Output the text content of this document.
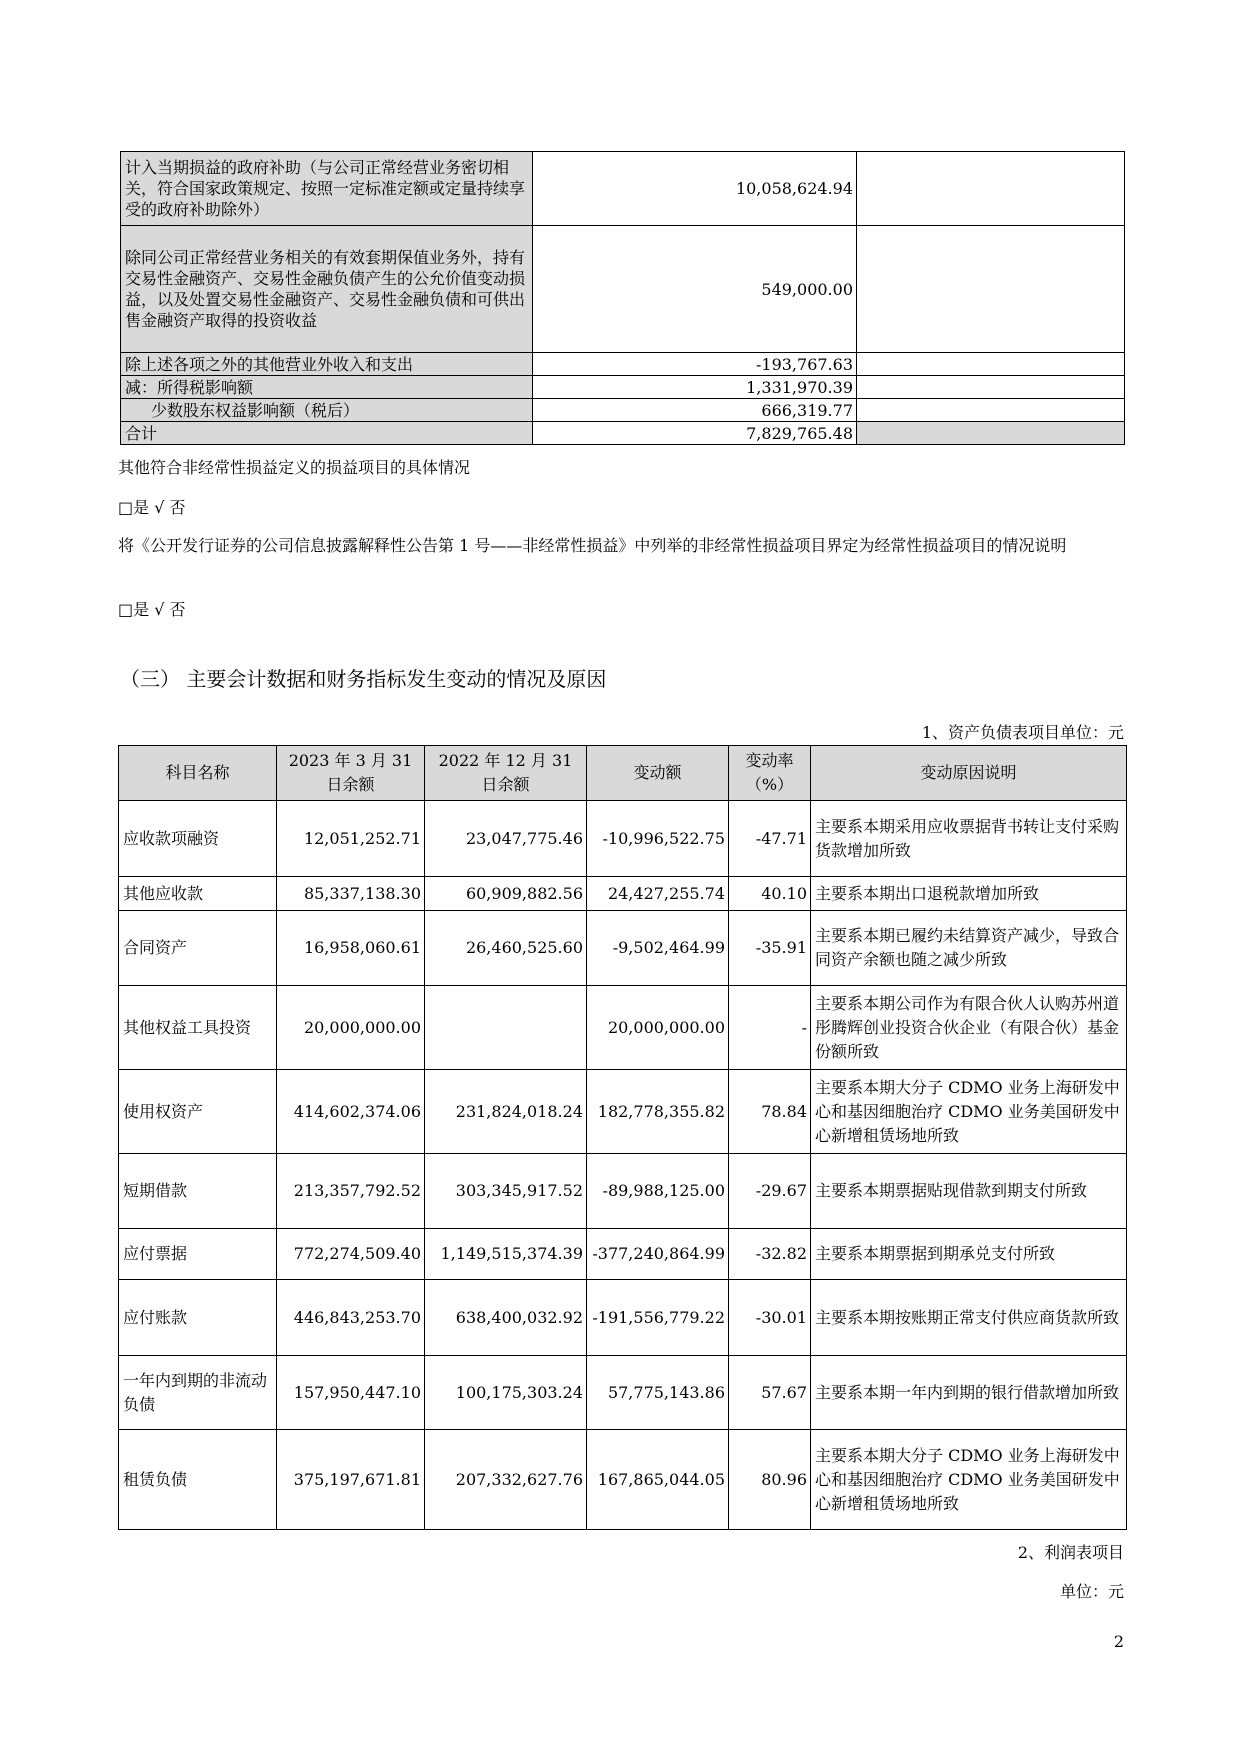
计入当期损益的政府补助（与公司正常经营业务密切相关，符合国家政策规定、按照一定标准定额或定量持续享受的政府补助除外）	10,058,624.94	
除同公司正常经营业务相关的有效套期保值业务外，持有交易性金融资产、交易性金融负债产生的公允价值变动损益，以及处置交易性金融资产、交易性金融负债和可供出售金融资产取得的投资收益	549,000.00	
除上述各项之外的其他营业外收入和支出	-193,767.63	
减：所得税影响额	1,331,970.39	
少数股东权益影响额（税后）	666,319.77	
合计	7,829,765.48	
其他符合非经常性损益定义的损益项目的具体情况
□是 √ 否
将《公开发行证券的公司信息披露解释性公告第 1 号——非经常性损益》中列举的非经常性损益项目界定为经常性损益项目的情况说明
□是 √ 否
（三） 主要会计数据和财务指标发生变动的情况及原因
1、资产负债表项目单位：元
科目名称	2023 年 3 月 31 日余额	2022 年 12 月 31 日余额	变动额	变动率（%）	变动原因说明
应收款项融资	12,051,252.71	23,047,775.46	-10,996,522.75	-47.71	主要系本期采用应收票据背书转让支付采购货款增加所致
其他应收款	85,337,138.30	60,909,882.56	24,427,255.74	40.10	主要系本期出口退税款增加所致
合同资产	16,958,060.61	26,460,525.60	-9,502,464.99	-35.91	主要系本期已履约未结算资产减少，导致合同资产余额也随之减少所致
其他权益工具投资	20,000,000.00		20,000,000.00	-	主要系本期公司作为有限合伙人认购苏州道彤腾辉创业投资合伙企业（有限合伙）基金份额所致
使用权资产	414,602,374.06	231,824,018.24	182,778,355.82	78.84	主要系本期大分子 CDMO 业务上海研发中心和基因细胞治疗 CDMO 业务美国研发中心新增租赁场地所致
短期借款	213,357,792.52	303,345,917.52	-89,988,125.00	-29.67	主要系本期票据贴现借款到期支付所致
应付票据	772,274,509.40	1,149,515,374.39	-377,240,864.99	-32.82	主要系本期票据到期承兑支付所致
应付账款	446,843,253.70	638,400,032.92	-191,556,779.22	-30.01	主要系本期按账期正常支付供应商货款所致
一年内到期的非流动负债	157,950,447.10	100,175,303.24	57,775,143.86	57.67	主要系本期一年内到期的银行借款增加所致
租赁负债	375,197,671.81	207,332,627.76	167,865,044.05	80.96	主要系本期大分子 CDMO 业务上海研发中心和基因细胞治疗 CDMO 业务美国研发中心新增租赁场地所致
2、利润表项目
单位：元
2
